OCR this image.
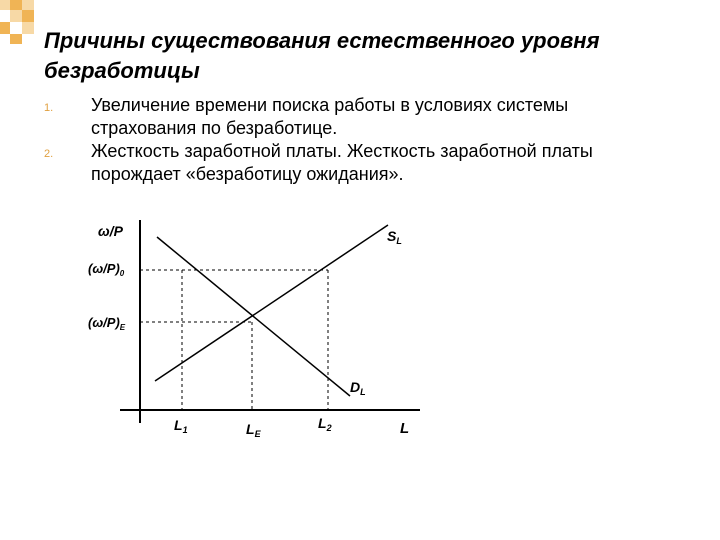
Причины существования естественного уровня безработицы
1. Увеличение времени поиска работы в условиях системы страхования по безработице.
2. Жесткость заработной платы. Жесткость заработной платы порождает «безработицу ожидания».
ω/P	$S_L$
$(\omega/P)_0$
$(\omega/P)_E$
$D_L$
$L_1$	$L_E$
$L_2$	L
